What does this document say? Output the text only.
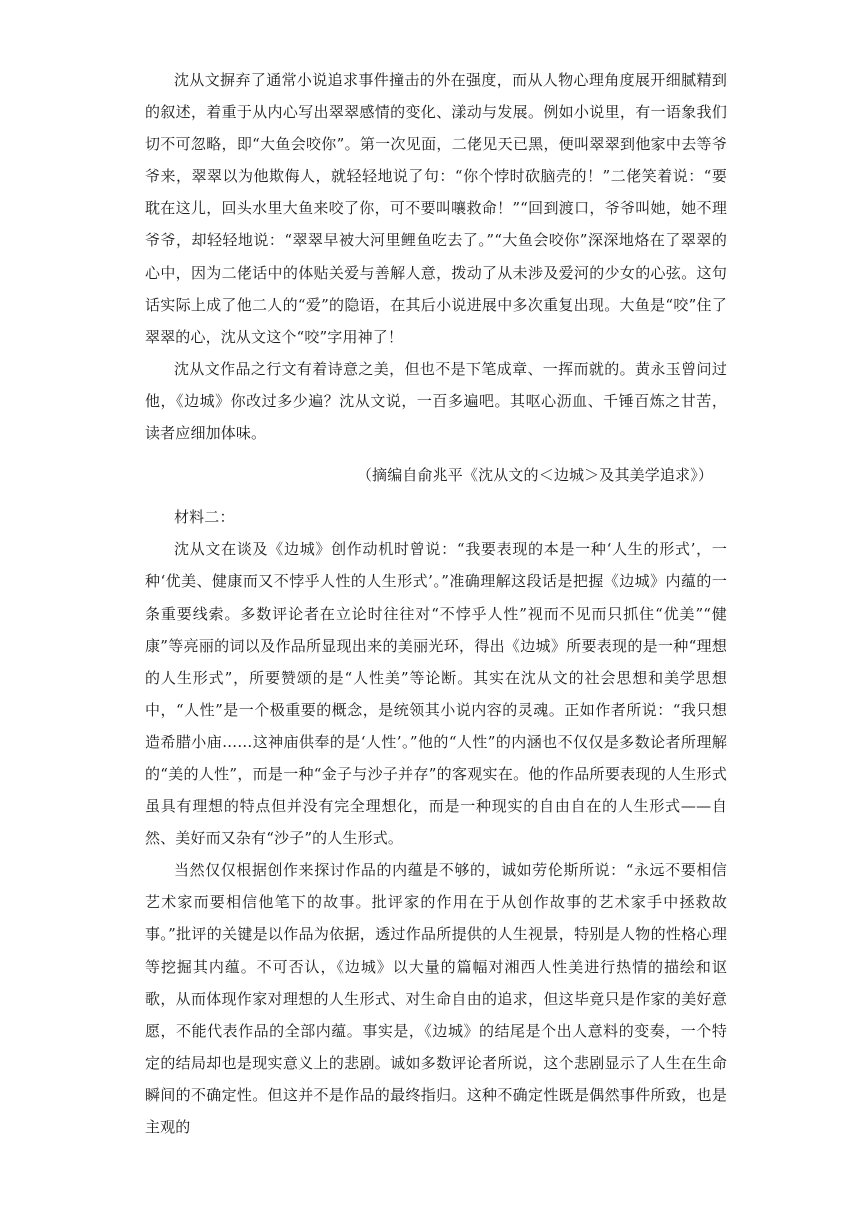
沈从文摒弃了通常小说追求事件撞击的外在强度，而从人物心理角度展开细腻精到的叙述，着重于从内心写出翠翠感情的变化、漾动与发展。例如小说里，有一语象我们切不可忽略，即“大鱼会咬你”。第一次见面，二佬见天已黑，便叫翠翠到他家中去等爷爷来，翠翠以为他欺侮人，就轻轻地说了句：“你个悖时砍脑壳的！”二佬笑着说：“要耽在这儿，回头水里大鱼来咬了你，可不要叫嚷救命！”“回到渡口，爷爷叫她，她不理爷爷，却轻轻地说：“翠翠早被大河里鲤鱼吃去了。”“大鱼会咬你”深深地烙在了翠翠的心中，因为二佬话中的体贴关爱与善解人意，拨动了从未涉及爱河的少女的心弦。这句话实际上成了他二人的“爱”的隐语，在其后小说进展中多次重复出现。大鱼是“咬”住了翠翠的心，沈从文这个“咬”字用神了！

沈从文作品之行文有着诗意之美，但也不是下笔成章、一挥而就的。黄永玉曾问过他，《边城》你改过多少遍？沈从文说，一百多遍吧。其呕心沥血、千锤百炼之甘苦，读者应细加体味。

（摘编自俞兆平《沈从文的＜边城＞及其美学追求》）

材料二：

沈从文在谈及《边城》创作动机时曾说：“我要表现的本是一种‘人生的形式’，一种‘优美、健康而又不悖乎人性的人生形式’。”准确理解这段话是把握《边城》内蕴的一条重要线索。多数评论者在立论时往往对“不悖乎人性”视而不见而只抓住“优美”“健康”等亮丽的词以及作品所显现出来的美丽光环，得出《边城》所要表现的是一种“理想的人生形式”，所要赞颂的是“人性美”等论断。其实在沈从文的社会思想和美学思想中，“人性”是一个极重要的概念，是统领其小说内容的灵魂。正如作者所说：“我只想造希腊小庙……这神庙供奉的是‘人性’。”他的“人性”的内涵也不仅仅是多数论者所理解的“美的人性”，而是一种“金子与沙子并存”的客观实在。他的作品所要表现的人生形式虽具有理想的特点但并没有完全理想化，而是一种现实的自由自在的人生形式——自然、美好而又杂有“沙子”的人生形式。

当然仅仅根据创作来探讨作品的内蕴是不够的，诚如劳伦斯所说：“永远不要相信艺术家而要相信他笔下的故事。批评家的作用在于从创作故事的艺术家手中拯救故事。”批评的关键是以作品为依据，透过作品所提供的人生视景，特别是人物的性格心理等挖掘其内蕴。不可否认，《边城》以大量的篇幅对湘西人性美进行热情的描绘和讴歌，从而体现作家对理想的人生形式、对生命自由的追求，但这毕竟只是作家的美好意愿，不能代表作品的全部内蕴。事实是，《边城》的结尾是个出人意料的变奏，一个特定的结局却也是现实意义上的悲剧。诚如多数评论者所说，这个悲剧显示了人生在生命瞬间的不确定性。但这并不是作品的最终指归。这种不确定性既是偶然事件所致，也是主观的
